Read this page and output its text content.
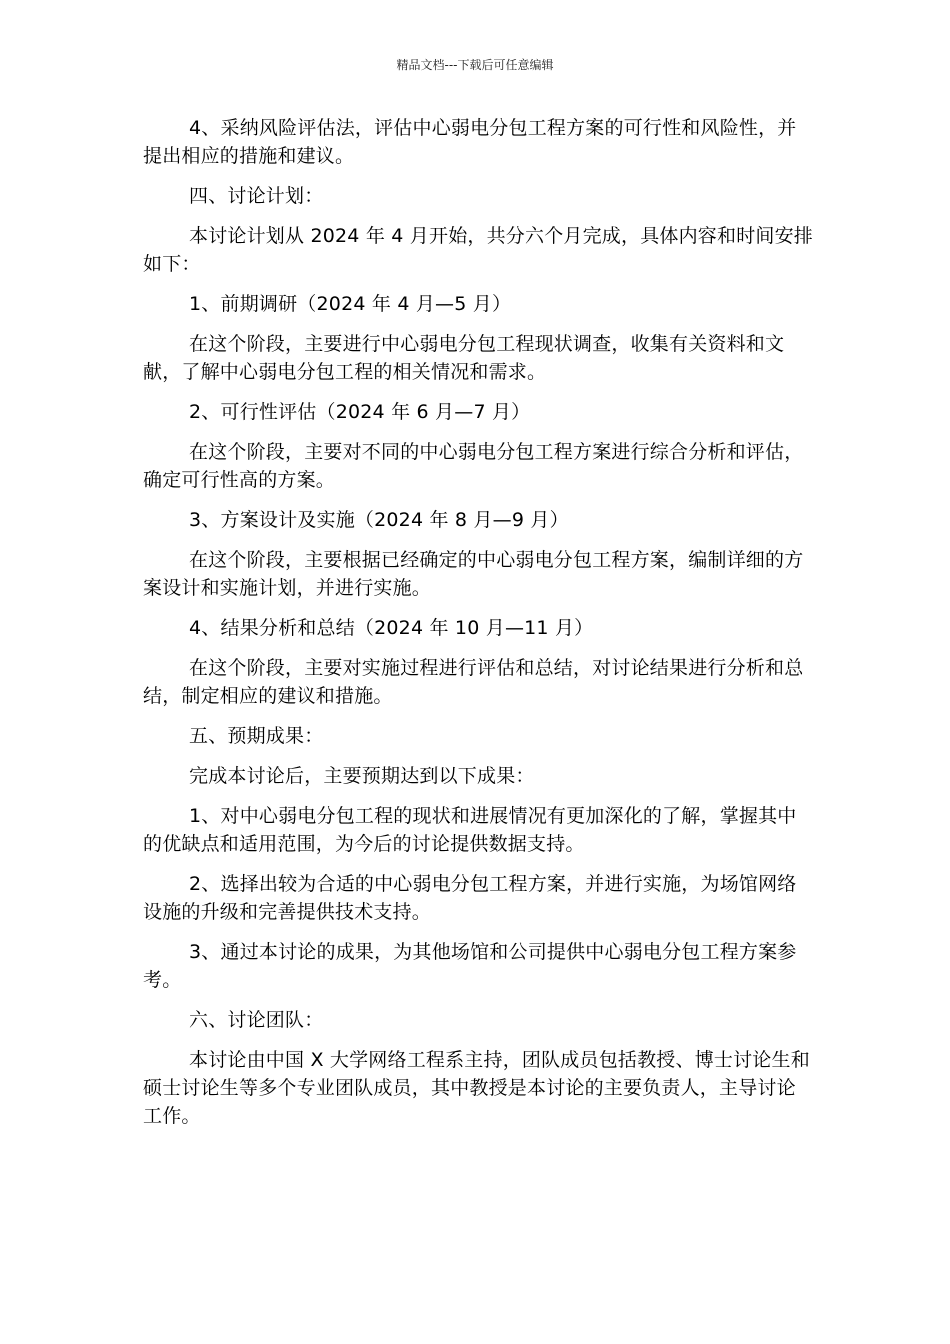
精品文档---下载后可任意编辑

4、采纳风险评估法，评估中心弱电分包工程方案的可行性和风险性，并提出相应的措施和建议。

四、讨论计划：

本讨论计划从 2024 年 4 月开始，共分六个月完成，具体内容和时间安排如下：

1、前期调研（2024 年 4 月—5 月）

在这个阶段，主要进行中心弱电分包工程现状调查，收集有关资料和文献，了解中心弱电分包工程的相关情况和需求。

2、可行性评估（2024 年 6 月—7 月）

在这个阶段，主要对不同的中心弱电分包工程方案进行综合分析和评估，确定可行性高的方案。

3、方案设计及实施（2024 年 8 月—9 月）

在这个阶段，主要根据已经确定的中心弱电分包工程方案，编制详细的方案设计和实施计划，并进行实施。

4、结果分析和总结（2024 年 10 月—11 月）

在这个阶段，主要对实施过程进行评估和总结，对讨论结果进行分析和总结，制定相应的建议和措施。

五、预期成果：

完成本讨论后，主要预期达到以下成果：

1、对中心弱电分包工程的现状和进展情况有更加深化的了解，掌握其中的优缺点和适用范围，为今后的讨论提供数据支持。

2、选择出较为合适的中心弱电分包工程方案，并进行实施，为场馆网络设施的升级和完善提供技术支持。

3、通过本讨论的成果，为其他场馆和公司提供中心弱电分包工程方案参考。

六、讨论团队：

本讨论由中国 X 大学网络工程系主持，团队成员包括教授、博士讨论生和硕士讨论生等多个专业团队成员，其中教授是本讨论的主要负责人，主导讨论工作。
